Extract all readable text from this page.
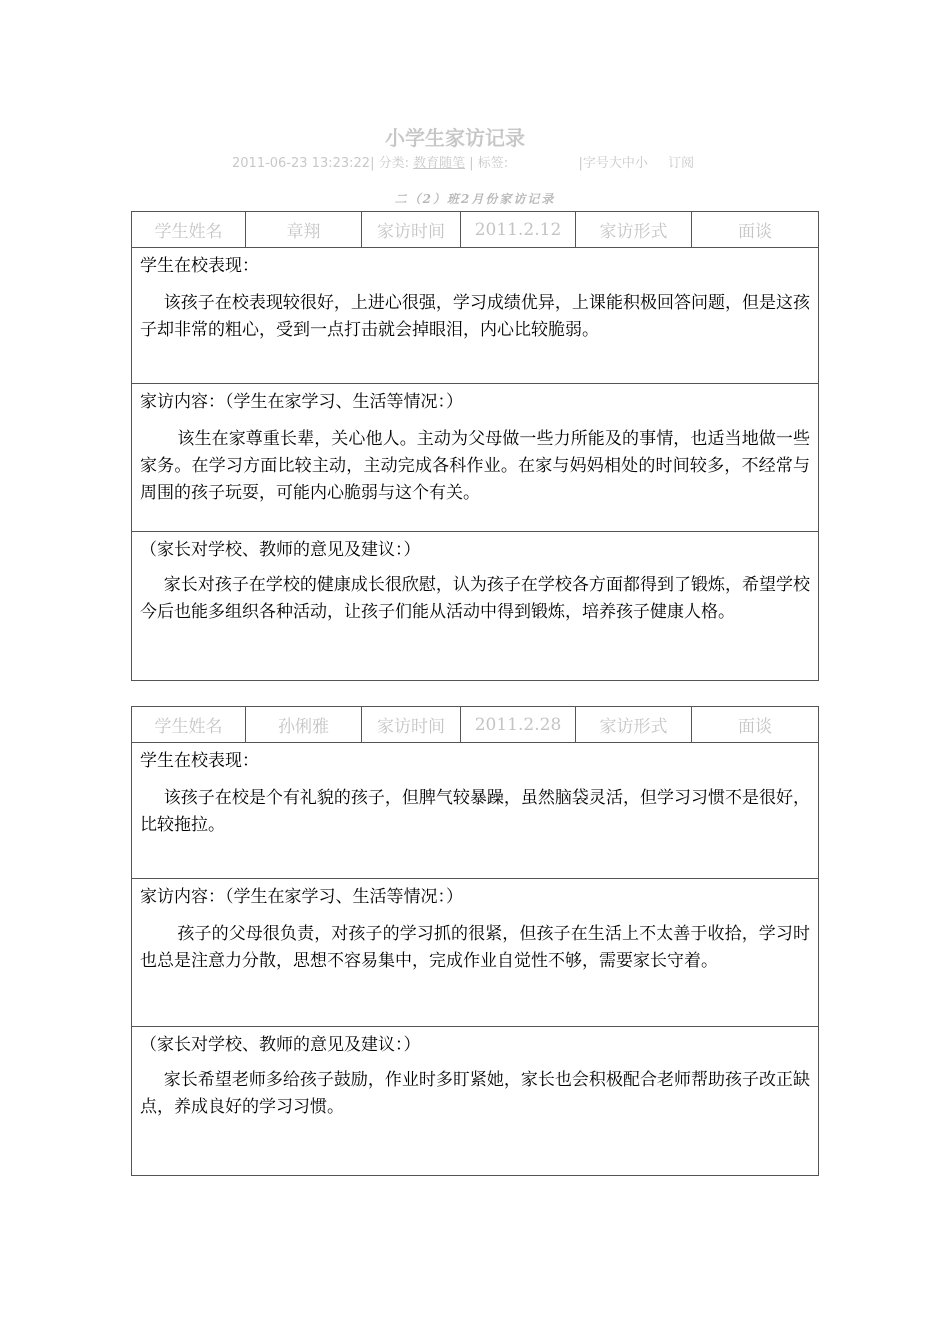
小学生家访记录
2011-06-23 13:23:22| 分类: 教育随笔 | 标签:	|字号大中小 订阅
二（2）班2月份家访记录
学生姓名	章翔	家访时间	2011.2.12	家访形式	面谈
学生在校表现：
该孩子在校表现较很好，上进心很强，学习成绩优异，上课能积极回答问题，但是这孩子却非常的粗心，受到一点打击就会掉眼泪，内心比较脆弱。
家访内容：（学生在家学习、生活等情况：）
该生在家尊重长辈，关心他人。主动为父母做一些力所能及的事情，也适当地做一些家务。在学习方面比较主动，主动完成各科作业。在家与妈妈相处的时间较多，不经常与周围的孩子玩耍，可能内心脆弱与这个有关。
（家长对学校、教师的意见及建议：）
家长对孩子在学校的健康成长很欣慰，认为孩子在学校各方面都得到了锻炼，希望学校今后也能多组织各种活动，让孩子们能从活动中得到锻炼，培养孩子健康人格。
学生姓名	孙俐雅	家访时间	2011.2.28	家访形式	面谈
学生在校表现：
该孩子在校是个有礼貌的孩子，但脾气较暴躁，虽然脑袋灵活，但学习习惯不是很好，比较拖拉。
家访内容：（学生在家学习、生活等情况：）
孩子的父母很负责，对孩子的学习抓的很紧，但孩子在生活上不太善于收拾，学习时也总是注意力分散，思想不容易集中，完成作业自觉性不够，需要家长守着。
（家长对学校、教师的意见及建议：）
家长希望老师多给孩子鼓励，作业时多盯紧她，家长也会积极配合老师帮助孩子改正缺点，养成良好的学习习惯。
